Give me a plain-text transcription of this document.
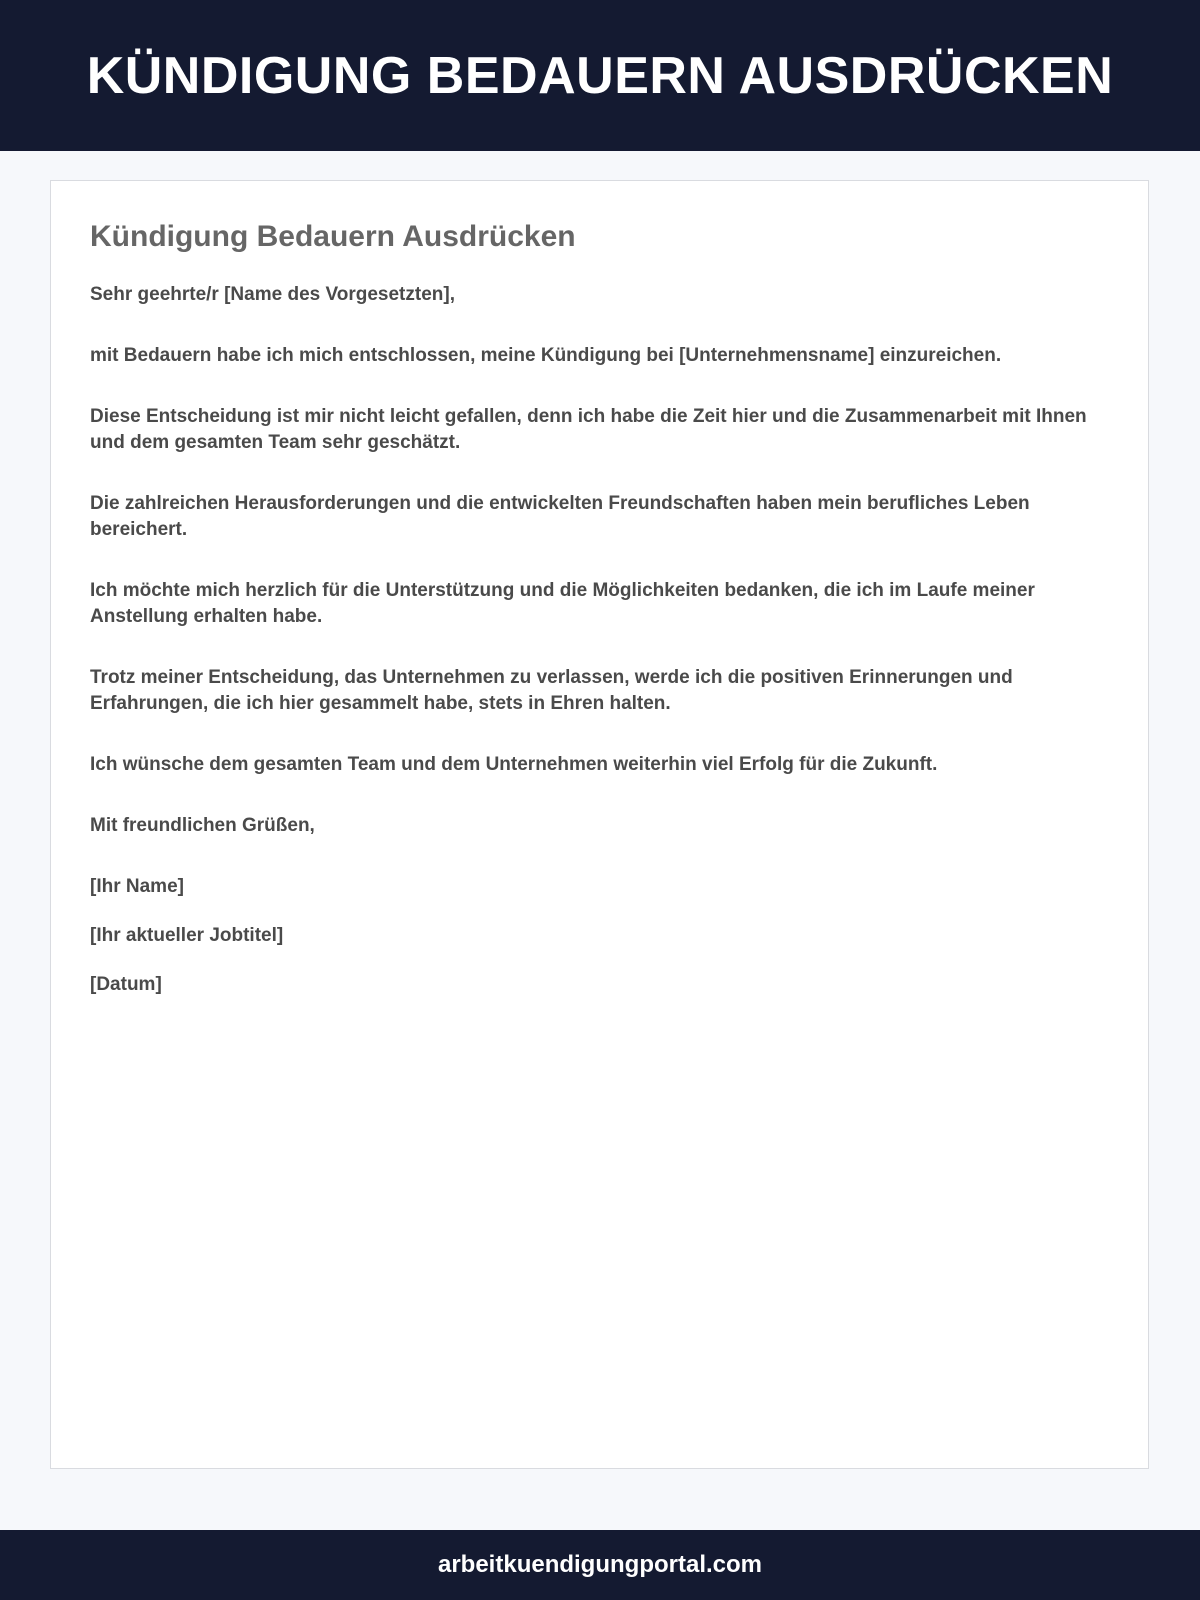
KÜNDIGUNG BEDAUERN AUSDRÜCKEN
Kündigung Bedauern Ausdrücken

Sehr geehrte/r [Name des Vorgesetzten],

mit Bedauern habe ich mich entschlossen, meine Kündigung bei [Unternehmensname] einzureichen.

Diese Entscheidung ist mir nicht leicht gefallen, denn ich habe die Zeit hier und die Zusammenarbeit mit Ihnen und dem gesamten Team sehr geschätzt.

Die zahlreichen Herausforderungen und die entwickelten Freundschaften haben mein berufliches Leben bereichert.

Ich möchte mich herzlich für die Unterstützung und die Möglichkeiten bedanken, die ich im Laufe meiner Anstellung erhalten habe.

Trotz meiner Entscheidung, das Unternehmen zu verlassen, werde ich die positiven Erinnerungen und Erfahrungen, die ich hier gesammelt habe, stets in Ehren halten.

Ich wünsche dem gesamten Team und dem Unternehmen weiterhin viel Erfolg für die Zukunft.

Mit freundlichen Grüßen,

[Ihr Name]

[Ihr aktueller Jobtitel]

[Datum]

arbeitkuendigungportal.com
